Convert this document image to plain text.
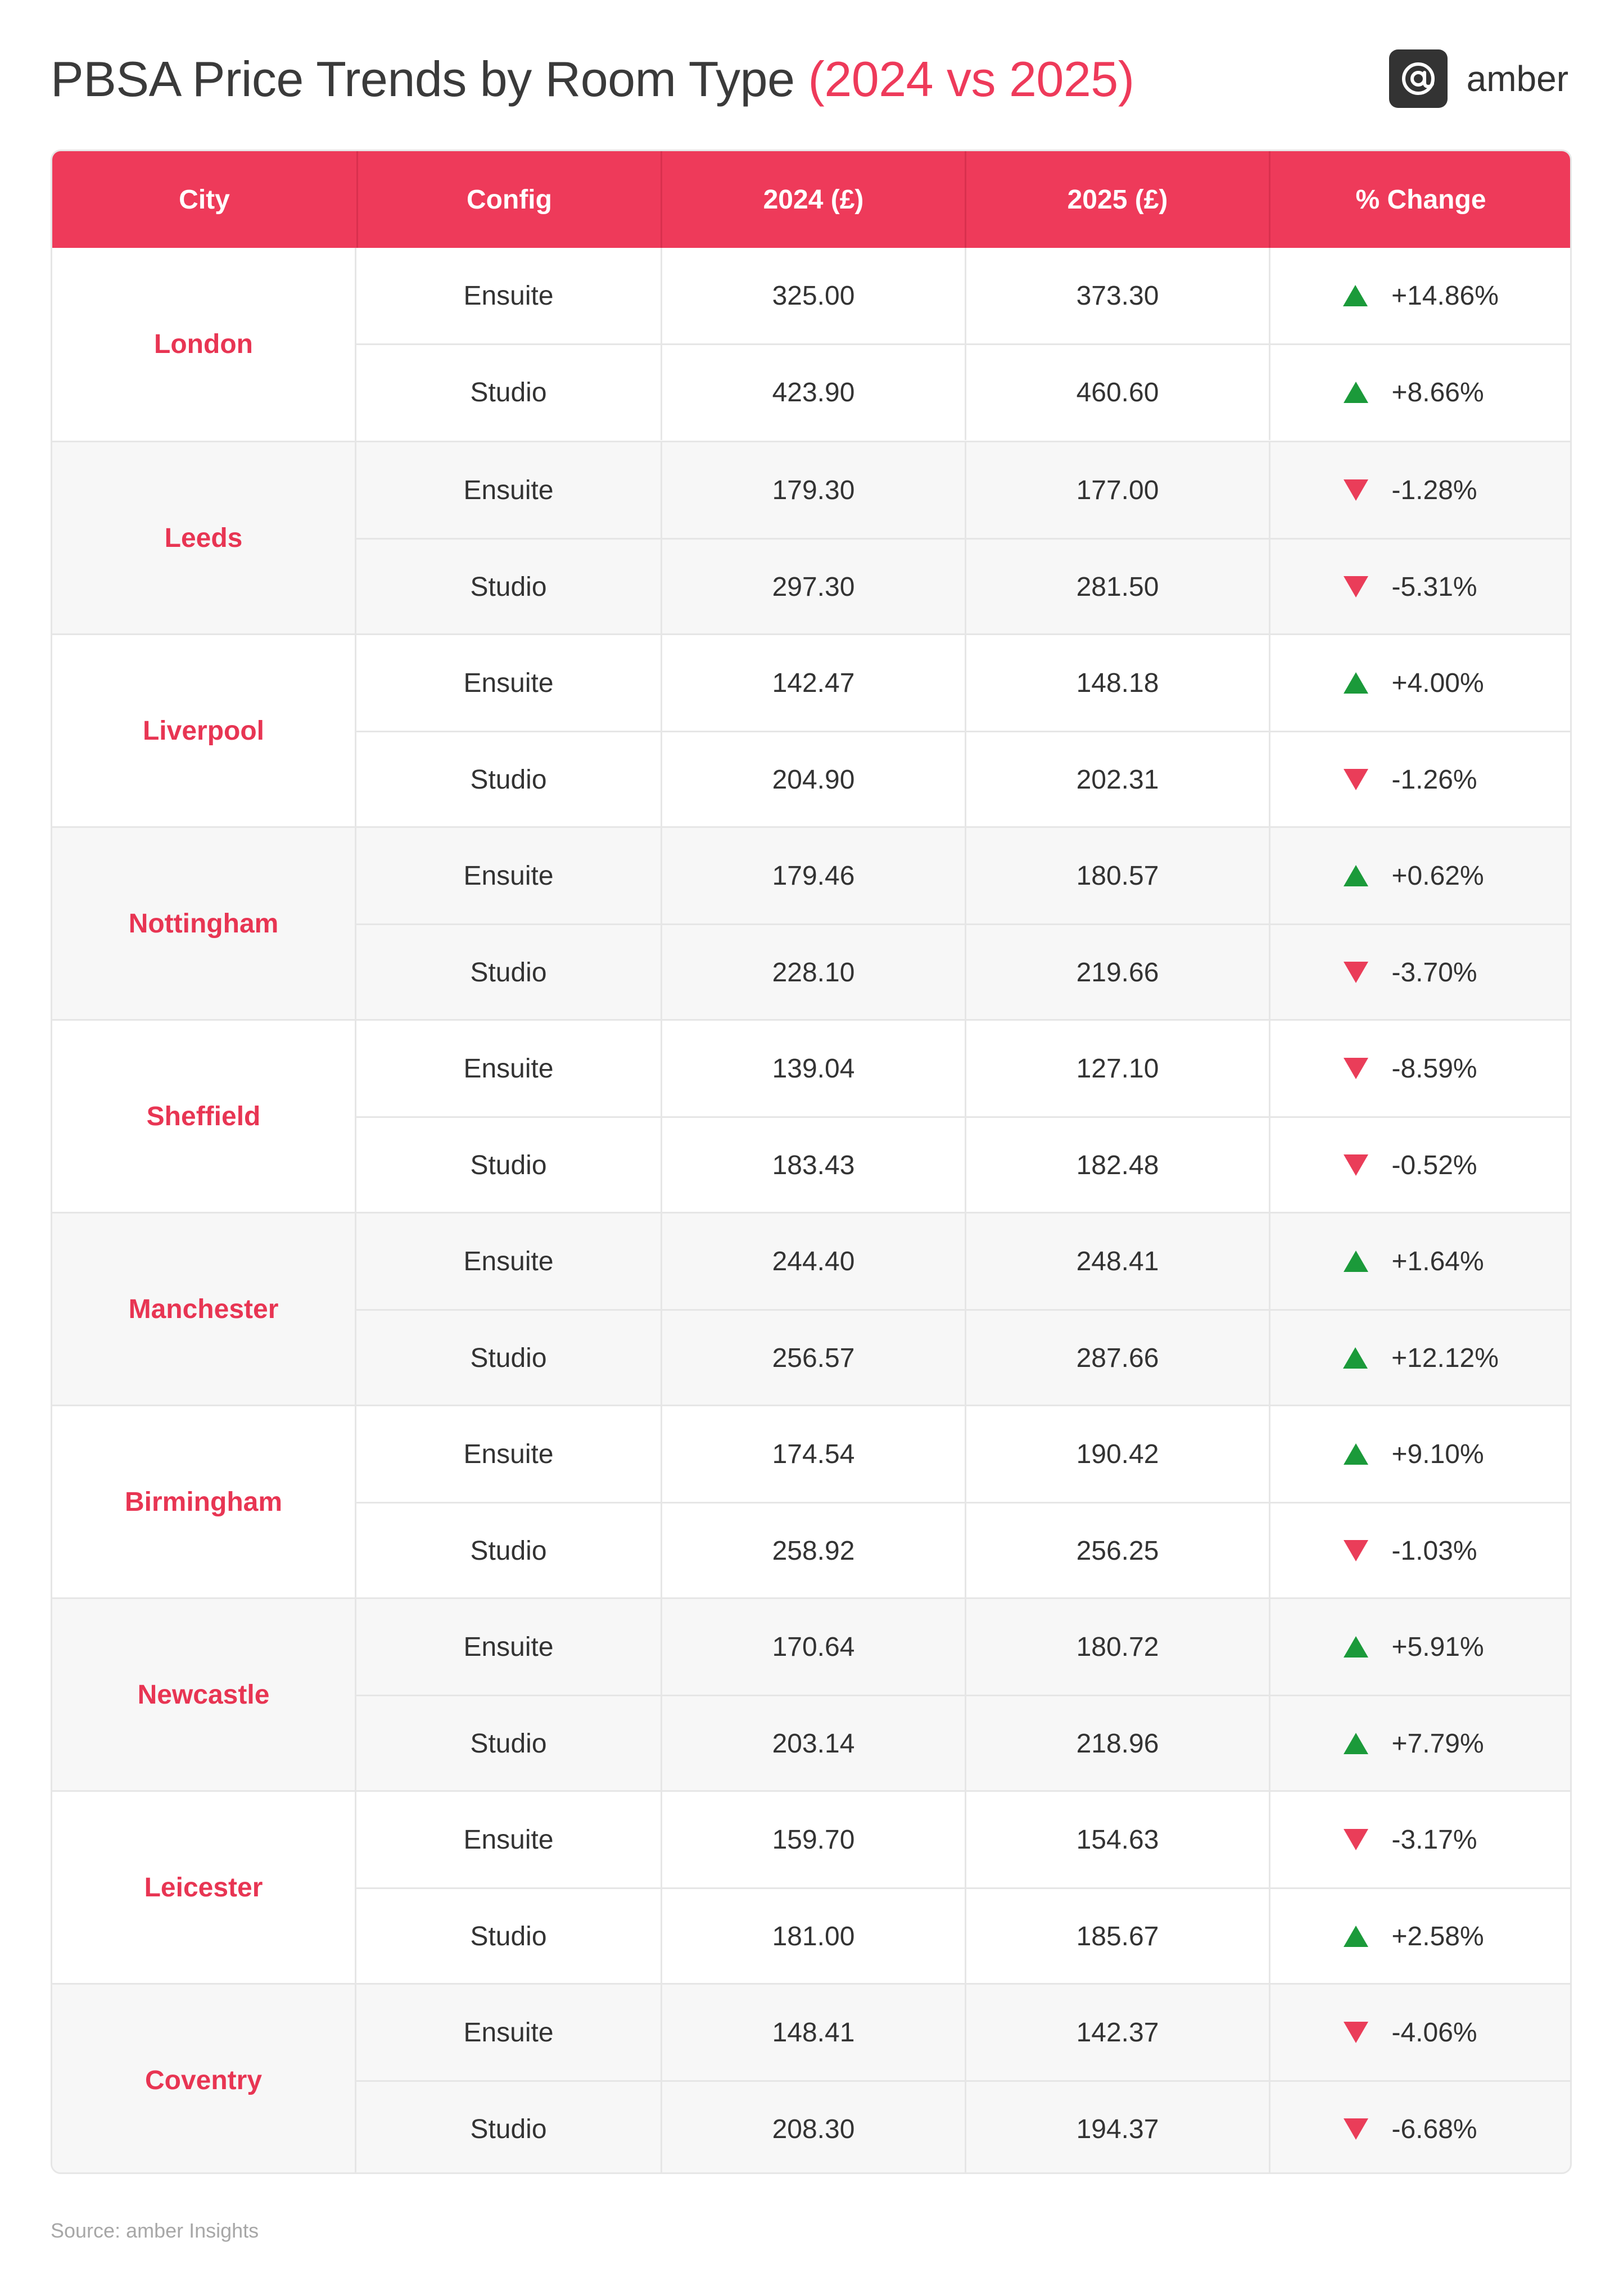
PBSA Price Trends by Room Type (2024 vs 2025)	amber
City	Config	2024 (£)	2025 (£)	% Change
London
Ensuite	325.00	373.30	+14.86%
Studio	423.90	460.60	+8.66%
Leeds
Ensuite	179.30	177.00	-1.28%
Studio	297.30	281.50	-5.31%
Liverpool
Ensuite	142.47	148.18	+4.00%
Studio	204.90	202.31	-1.26%
Nottingham
Ensuite	179.46	180.57	+0.62%
Studio	228.10	219.66	-3.70%
Sheffield
Ensuite	139.04	127.10	-8.59%
Studio	183.43	182.48	-0.52%
Manchester
Ensuite	244.40	248.41	+1.64%
Studio	256.57	287.66	+12.12%
Birmingham
Ensuite	174.54	190.42	+9.10%
Studio	258.92	256.25	-1.03%
Newcastle
Ensuite	170.64	180.72	+5.91%
Studio	203.14	218.96	+7.79%
Leicester
Ensuite	159.70	154.63	-3.17%
Studio	181.00	185.67	+2.58%
Coventry
Ensuite	148.41	142.37	-4.06%
Studio	208.30	194.37	-6.68%
Source: amber Insights
